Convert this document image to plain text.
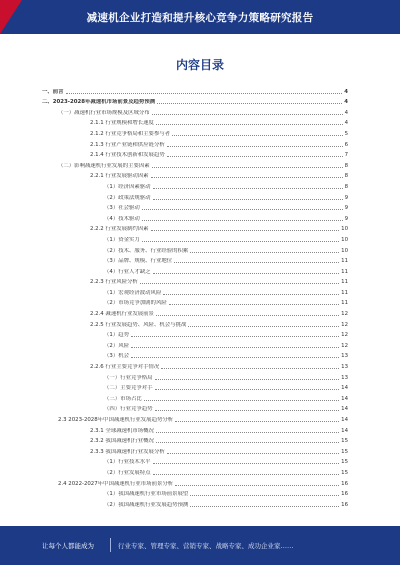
减速机企业打造和提升核心竞争力策略研究报告
内容目录
一、前言	4
二、2023-2028年减速机市场前景及趋势预测	4
（一）减速机行业市场规模及区域分布	4
2.1.1 行业规模和增长速度	4
2.1.2 行业竞争格局和主要参与者	5
2.1.3 行业产业链和供应链分析	6
2.1.4 行业技术创新和发展趋势	7
（二）影响减速机行业发展的主要因素	8
2.2.1 行业发展驱动因素	8
（1）经济因素驱动	8
（2）政策法规驱动	9
（3）社会驱动	9
（4）技术驱动	9
2.2.2 行业发展制约因素	10
（1）资金实力	10
（2）技术、服务、行业经验的积累	10
（3）品牌、规模、行业地位	11
（4）行业人才缺乏	11
2.2.3 行业风险分析	11
（1）宏观经济波动风险	11
（2）市场竞争加剧的风险	11
2.2.4 减速机行业发展前景	12
2.2.5 行业发展趋势、风险、机会与挑战	12
（1）趋势	12
（2）风险	12
（3）机会	13
2.2.6 行业主要竞争对手情况	13
（一）行业竞争格局	13
（二）主要竞争对手	14
（三）市场占比	14
（四）行业竞争趋势	14
2.3 2023-2028年中国减速机行业发展趋势分析	14
2.3.1 全球减速机市场概况	14
2.3.2 我国减速机行业概况	15
2.3.3 我国减速机行业发展分析	15
（1）行业技术水平	15
（2）行业发展特点	15
2.4 2022-2027年中国减速机行业市场前景分析	16
（1）我国减速机行业市场前景展望	16
（2）我国减速机行业发展趋势预测	16
让每个人都能成为	行业专家、管理专家、营销专家、战略专家、成功企业家……
